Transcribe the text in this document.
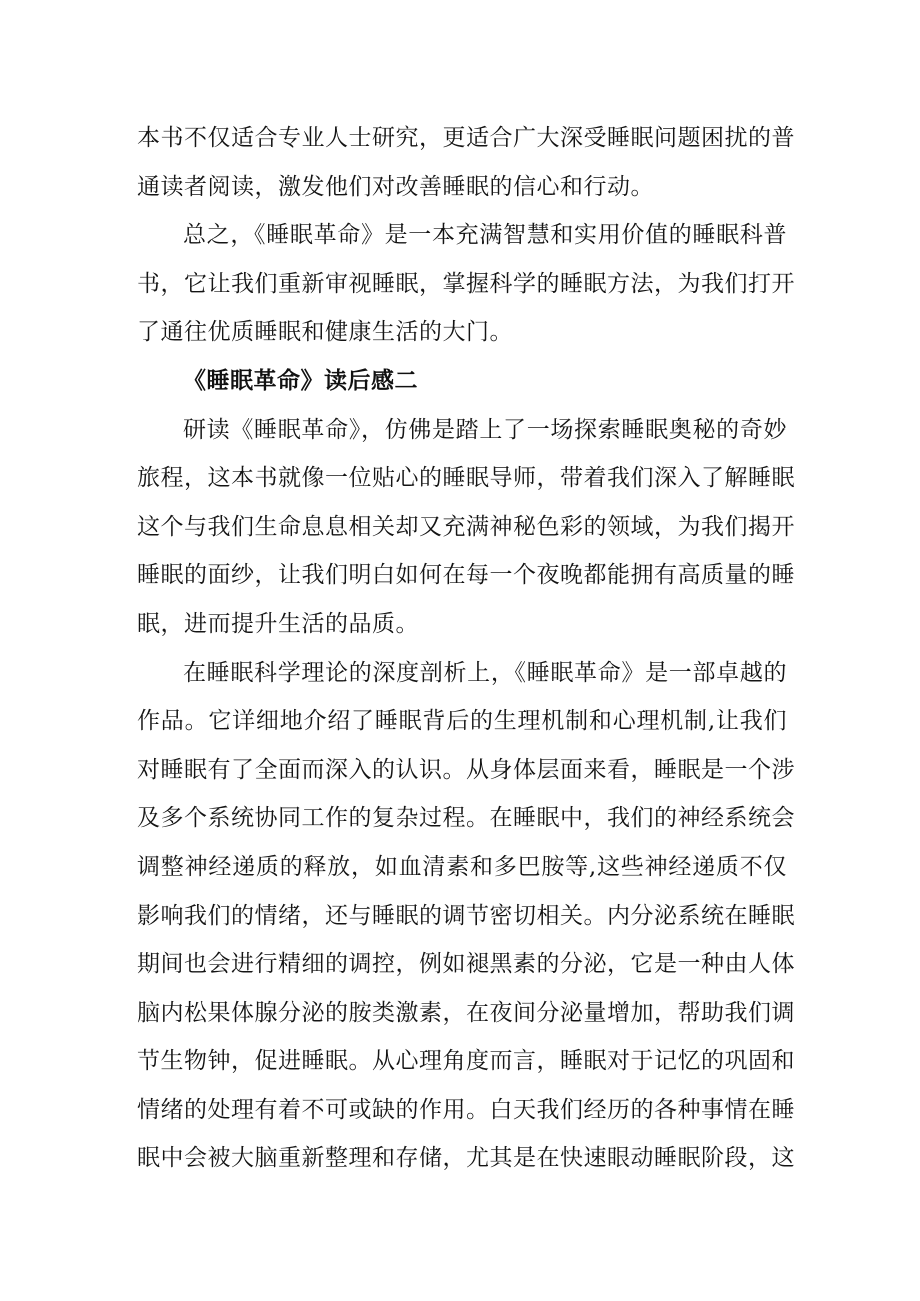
本书不仅适合专业人士研究，更适合广大深受睡眠问题困扰的普
通读者阅读，激发他们对改善睡眠的信心和行动。
总之，《睡眠革命》是一本充满智慧和实用价值的睡眠科普
书，它让我们重新审视睡眠，掌握科学的睡眠方法，为我们打开
了通往优质睡眠和健康生活的大门。
《睡眠革命》读后感二
研读《睡眠革命》，仿佛是踏上了一场探索睡眠奥秘的奇妙
旅程，这本书就像一位贴心的睡眠导师，带着我们深入了解睡眠
这个与我们生命息息相关却又充满神秘色彩的领域，为我们揭开
睡眠的面纱，让我们明白如何在每一个夜晚都能拥有高质量的睡
眠，进而提升生活的品质。
在睡眠科学理论的深度剖析上，《睡眠革命》是一部卓越的
作品。它详细地介绍了睡眠背后的生理机制和心理机制,让我们
对睡眠有了全面而深入的认识。从身体层面来看，睡眠是一个涉
及多个系统协同工作的复杂过程。在睡眠中，我们的神经系统会
调整神经递质的释放，如血清素和多巴胺等,这些神经递质不仅
影响我们的情绪，还与睡眠的调节密切相关。内分泌系统在睡眠
期间也会进行精细的调控，例如褪黑素的分泌，它是一种由人体
脑内松果体腺分泌的胺类激素，在夜间分泌量增加，帮助我们调
节生物钟，促进睡眠。从心理角度而言，睡眠对于记忆的巩固和
情绪的处理有着不可或缺的作用。白天我们经历的各种事情在睡
眠中会被大脑重新整理和存储，尤其是在快速眼动睡眠阶段，这
